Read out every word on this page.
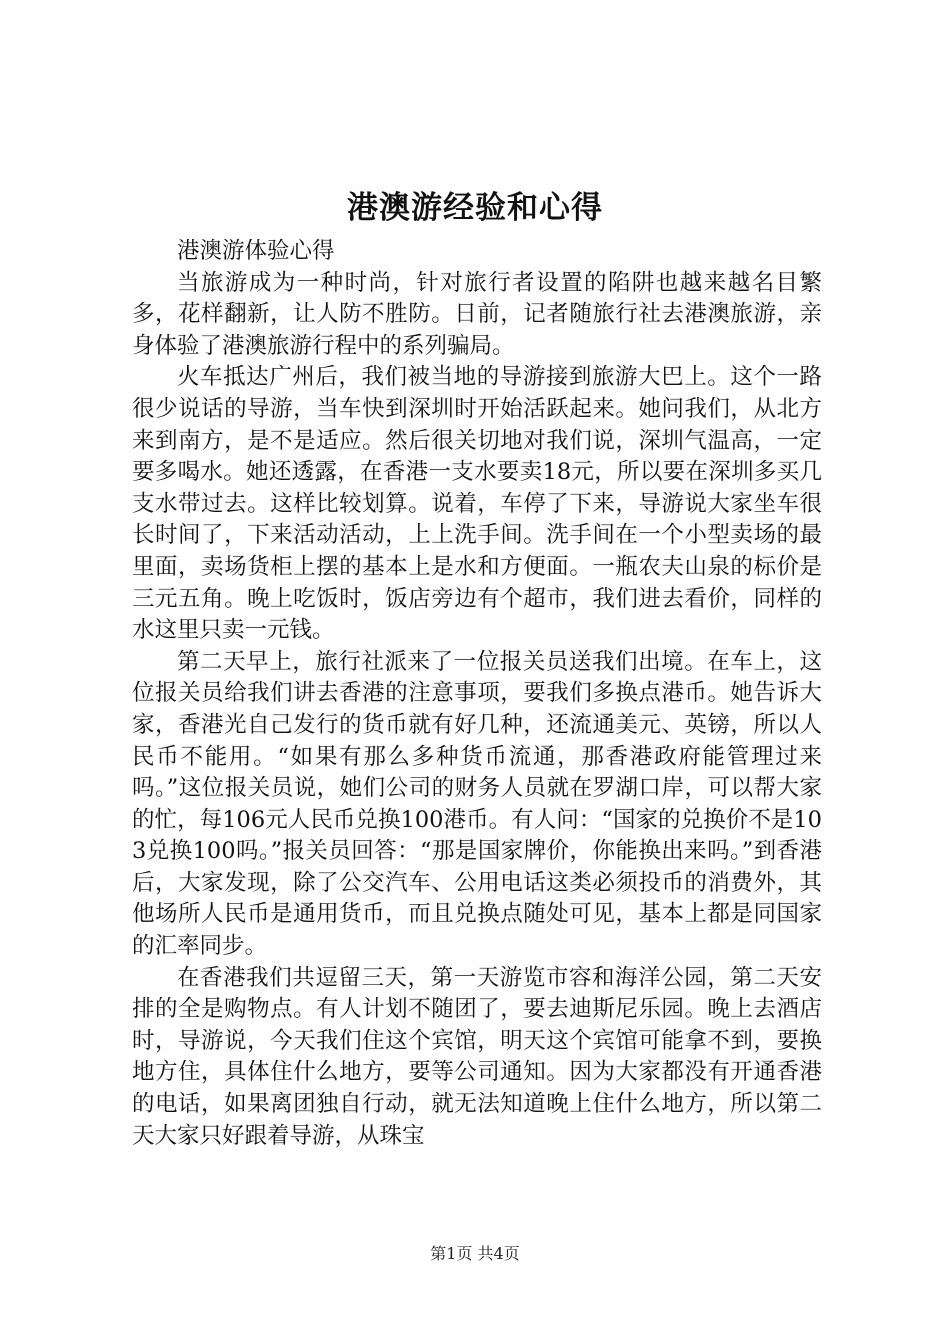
港澳游经验和心得

港澳游体验心得

当旅游成为一种时尚，针对旅行者设置的陷阱也越来越名目繁多，花样翻新，让人防不胜防。日前，记者随旅行社去港澳旅游，亲身体验了港澳旅游行程中的系列骗局。

火车抵达广州后，我们被当地的导游接到旅游大巴上。这个一路很少说话的导游，当车快到深圳时开始活跃起来。她问我们，从北方来到南方，是不是适应。然后很关切地对我们说，深圳气温高，一定要多喝水。她还透露，在香港一支水要卖18元，所以要在深圳多买几支水带过去。这样比较划算。说着，车停了下来，导游说大家坐车很长时间了，下来活动活动，上上洗手间。洗手间在一个小型卖场的最里面，卖场货柜上摆的基本上是水和方便面。一瓶农夫山泉的标价是三元五角。晚上吃饭时，饭店旁边有个超市，我们进去看价，同样的水这里只卖一元钱。

第二天早上，旅行社派来了一位报关员送我们出境。在车上，这位报关员给我们讲去香港的注意事项，要我们多换点港币。她告诉大家，香港光自己发行的货币就有好几种，还流通美元、英镑，所以人民币不能用。“如果有那么多种货币流通，那香港政府能管理过来吗。”这位报关员说，她们公司的财务人员就在罗湖口岸，可以帮大家的忙，每106元人民币兑换100港币。有人问：“国家的兑换价不是103兑换100吗。”报关员回答：“那是国家牌价，你能换出来吗。”到香港后，大家发现，除了公交汽车、公用电话这类必须投币的消费外，其他场所人民币是通用货币，而且兑换点随处可见，基本上都是同国家的汇率同步。

在香港我们共逗留三天，第一天游览市容和海洋公园，第二天安排的全是购物点。有人计划不随团了，要去迪斯尼乐园。晚上去酒店时，导游说，今天我们住这个宾馆，明天这个宾馆可能拿不到，要换地方住，具体住什么地方，要等公司通知。因为大家都没有开通香港的电话，如果离团独自行动，就无法知道晚上住什么地方，所以第二天大家只好跟着导游，从珠宝

第1页 共4页
